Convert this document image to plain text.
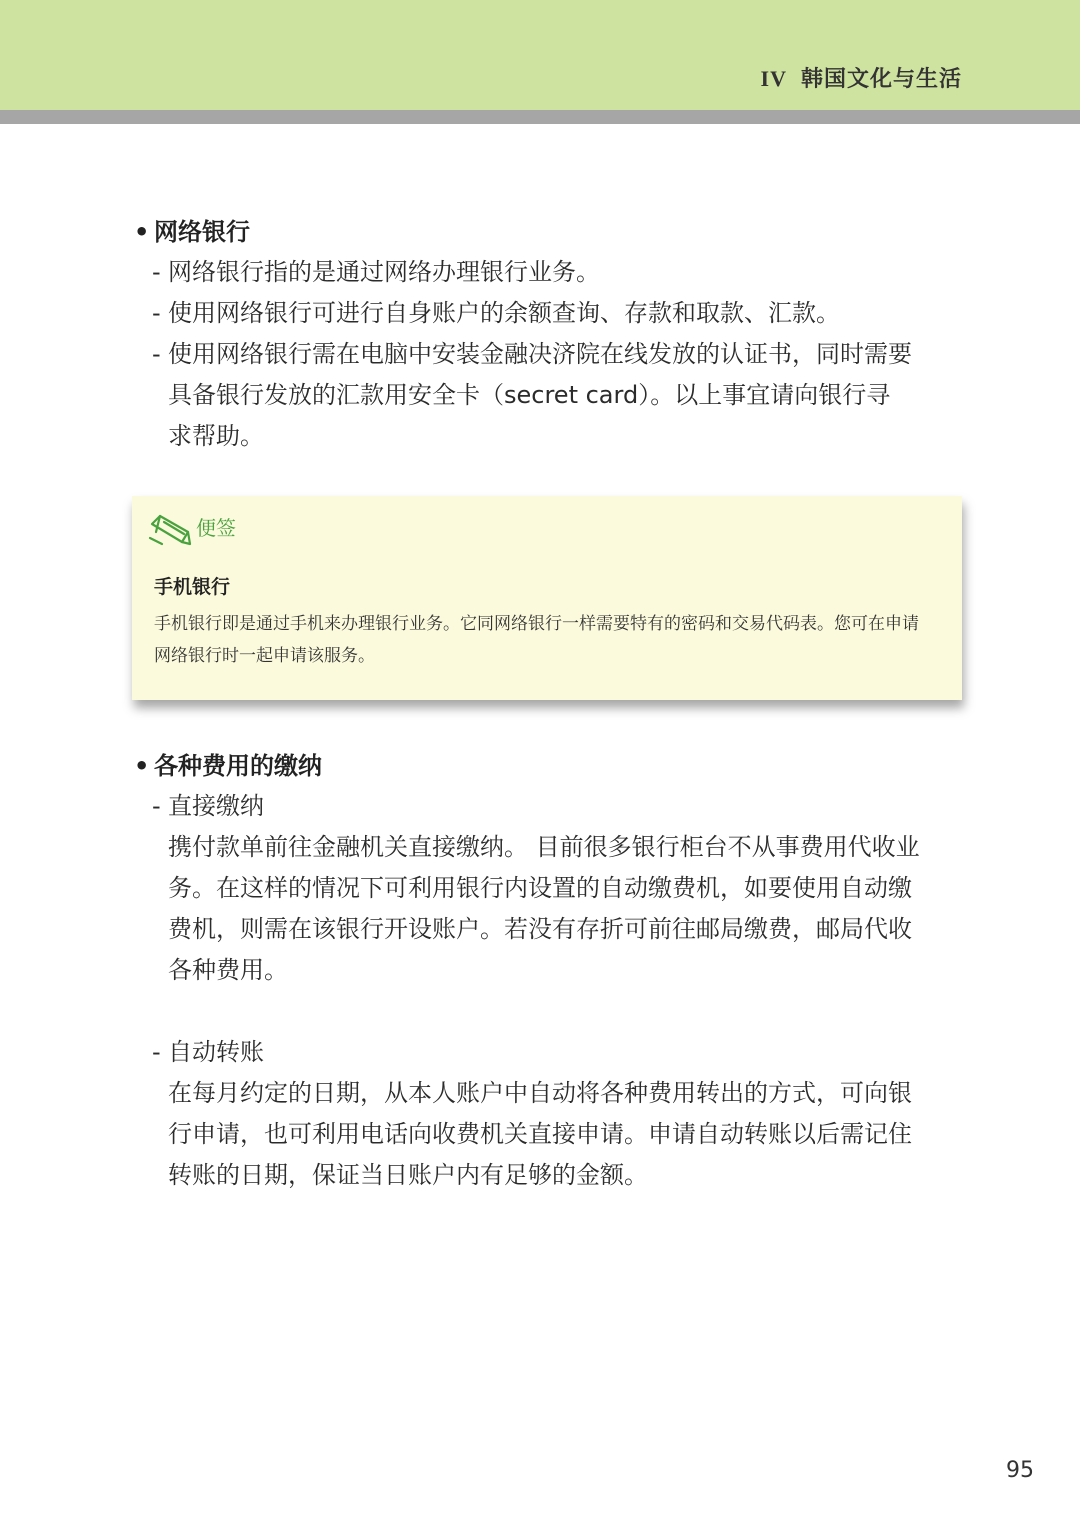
IV 韩国文化与生活
• 网络银行
- 网络银行指的是通过网络办理银行业务。
- 使用网络银行可进行自身账户的余额查询、存款和取款、汇款。
- 使用网络银行需在电脑中安装金融决济院在线发放的认证书，同时需要
具备银行发放的汇款用安全卡（secret card）。以上事宜请向银行寻
求帮助。
便签
手机银行
手机银行即是通过手机来办理银行业务。它同网络银行一样需要特有的密码和交易代码表。您可在申请
网络银行时一起申请该服务。
• 各种费用的缴纳
- 直接缴纳
携付款单前往金融机关直接缴纳。 目前很多银行柜台不从事费用代收业
务。在这样的情况下可利用银行内设置的自动缴费机，如要使用自动缴
费机，则需在该银行开设账户。若没有存折可前往邮局缴费，邮局代收
各种费用。
- 自动转账
在每月约定的日期，从本人账户中自动将各种费用转出的方式，可向银
行申请，也可利用电话向收费机关直接申请。申请自动转账以后需记住
转账的日期，保证当日账户内有足够的金额。
95
